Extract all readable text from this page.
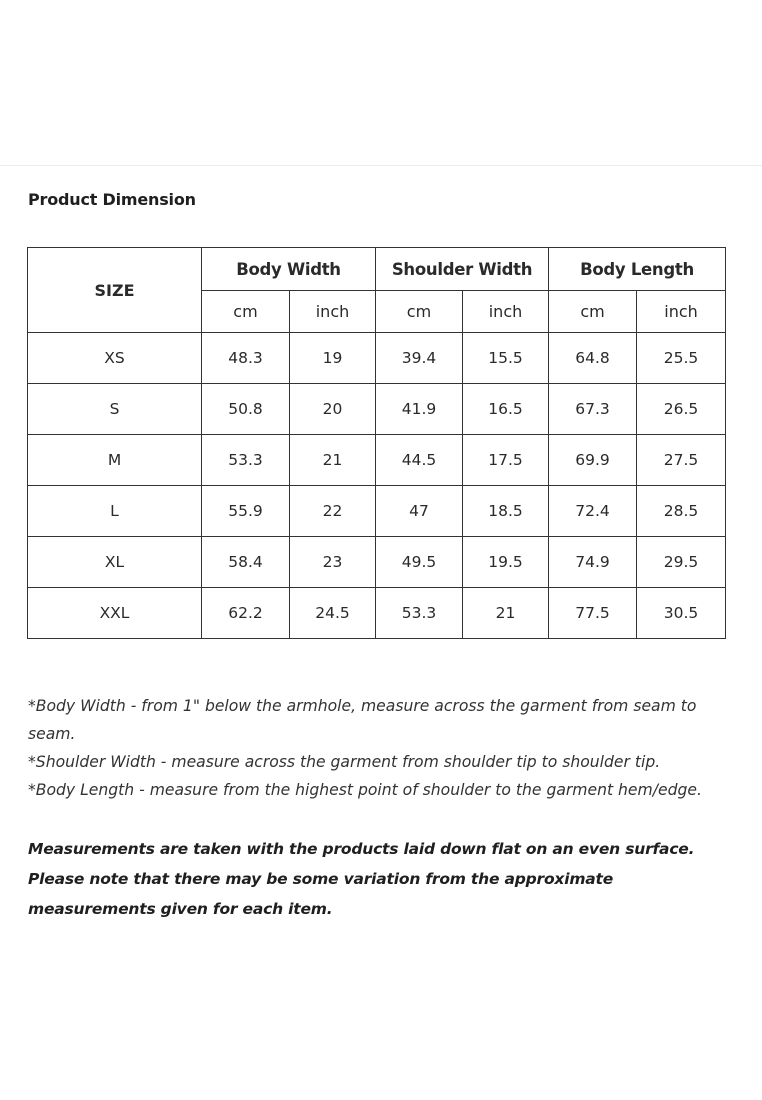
Product Dimension
SIZE	Body Width		Shoulder Width		Body Length	
	cm	inch	cm	inch	cm	inch
XS	48.3	19	39.4	15.5	64.8	25.5
S	50.8	20	41.9	16.5	67.3	26.5
M	53.3	21	44.5	17.5	69.9	27.5
L	55.9	22	47	18.5	72.4	28.5
XL	58.4	23	49.5	19.5	74.9	29.5
XXL	62.2	24.5	53.3	21	77.5	30.5

*Body Width - from 1" below the armhole, measure across the garment from seam to seam.

*Shoulder Width - measure across the garment from shoulder tip to shoulder tip.

*Body Length - measure from the highest point of shoulder to the garment hem/edge.

Measurements are taken with the products laid down flat on an even surface. Please note that there may be some variation from the approximate measurements given for each item.
